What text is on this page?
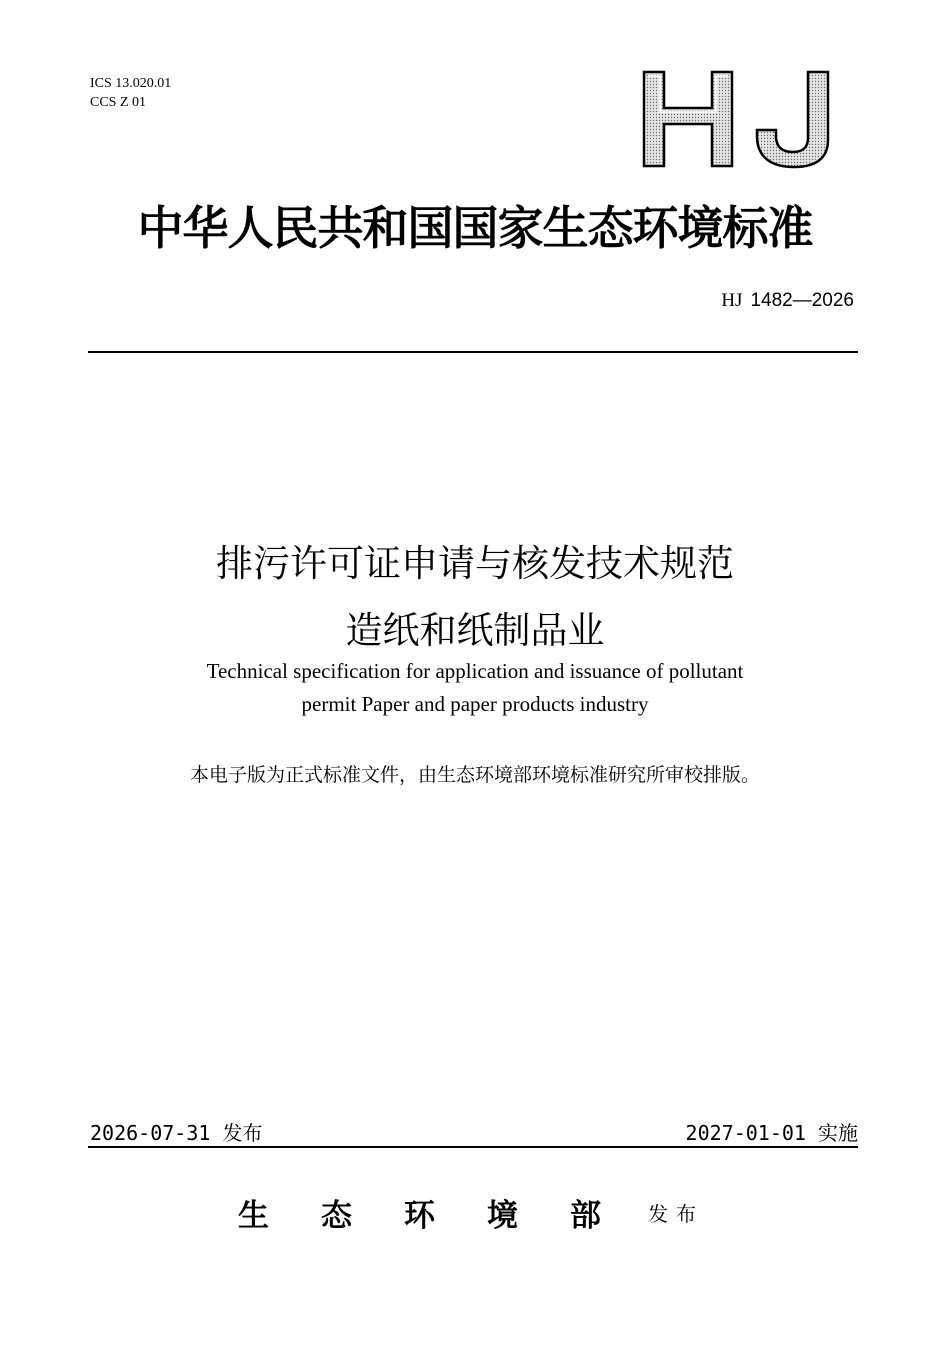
ICS 13.020.01
CCS Z 01
中华人民共和国国家生态环境标准
HJ 1482—2026
排污许可证申请与核发技术规范
造纸和纸制品业
Technical specification for application and issuance of pollutant
permit Paper and paper products industry
本电子版为正式标准文件，由生态环境部环境标准研究所审校排版。
2026-07-31 发布	2027-01-01 实施
生态环境部
发布
